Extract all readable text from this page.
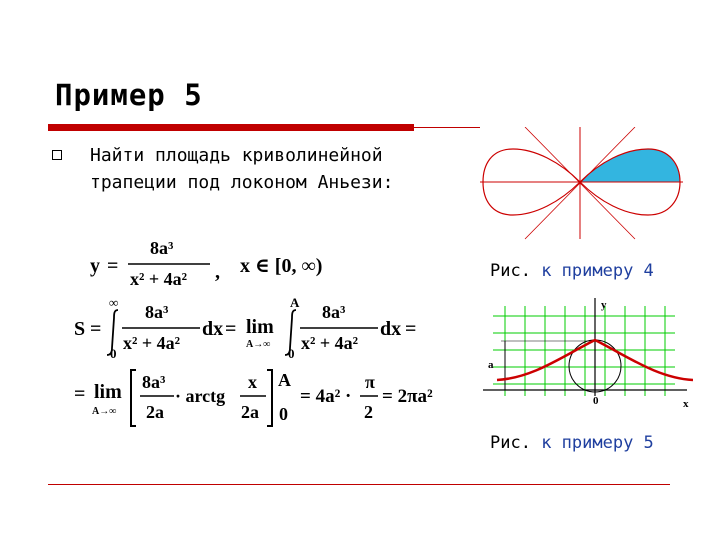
Пример 5
Найти площадь криволинейной трапеции под локоном Аньези:
Рис. к примеру 4
y
x
a
0
Рис. к примеру 5
y =
8a³
x² + 4a² , x ∈ [0, ∞)
S =
∞
0
8a³
x² + 4a²
dx = lim
A→∞
A
0
8a³
x² + 4a²
dx =
= lim
A→∞
8a³
2a
· arctg
x
2a
A
0
= 4a² ·
π
2
= 2πa²
